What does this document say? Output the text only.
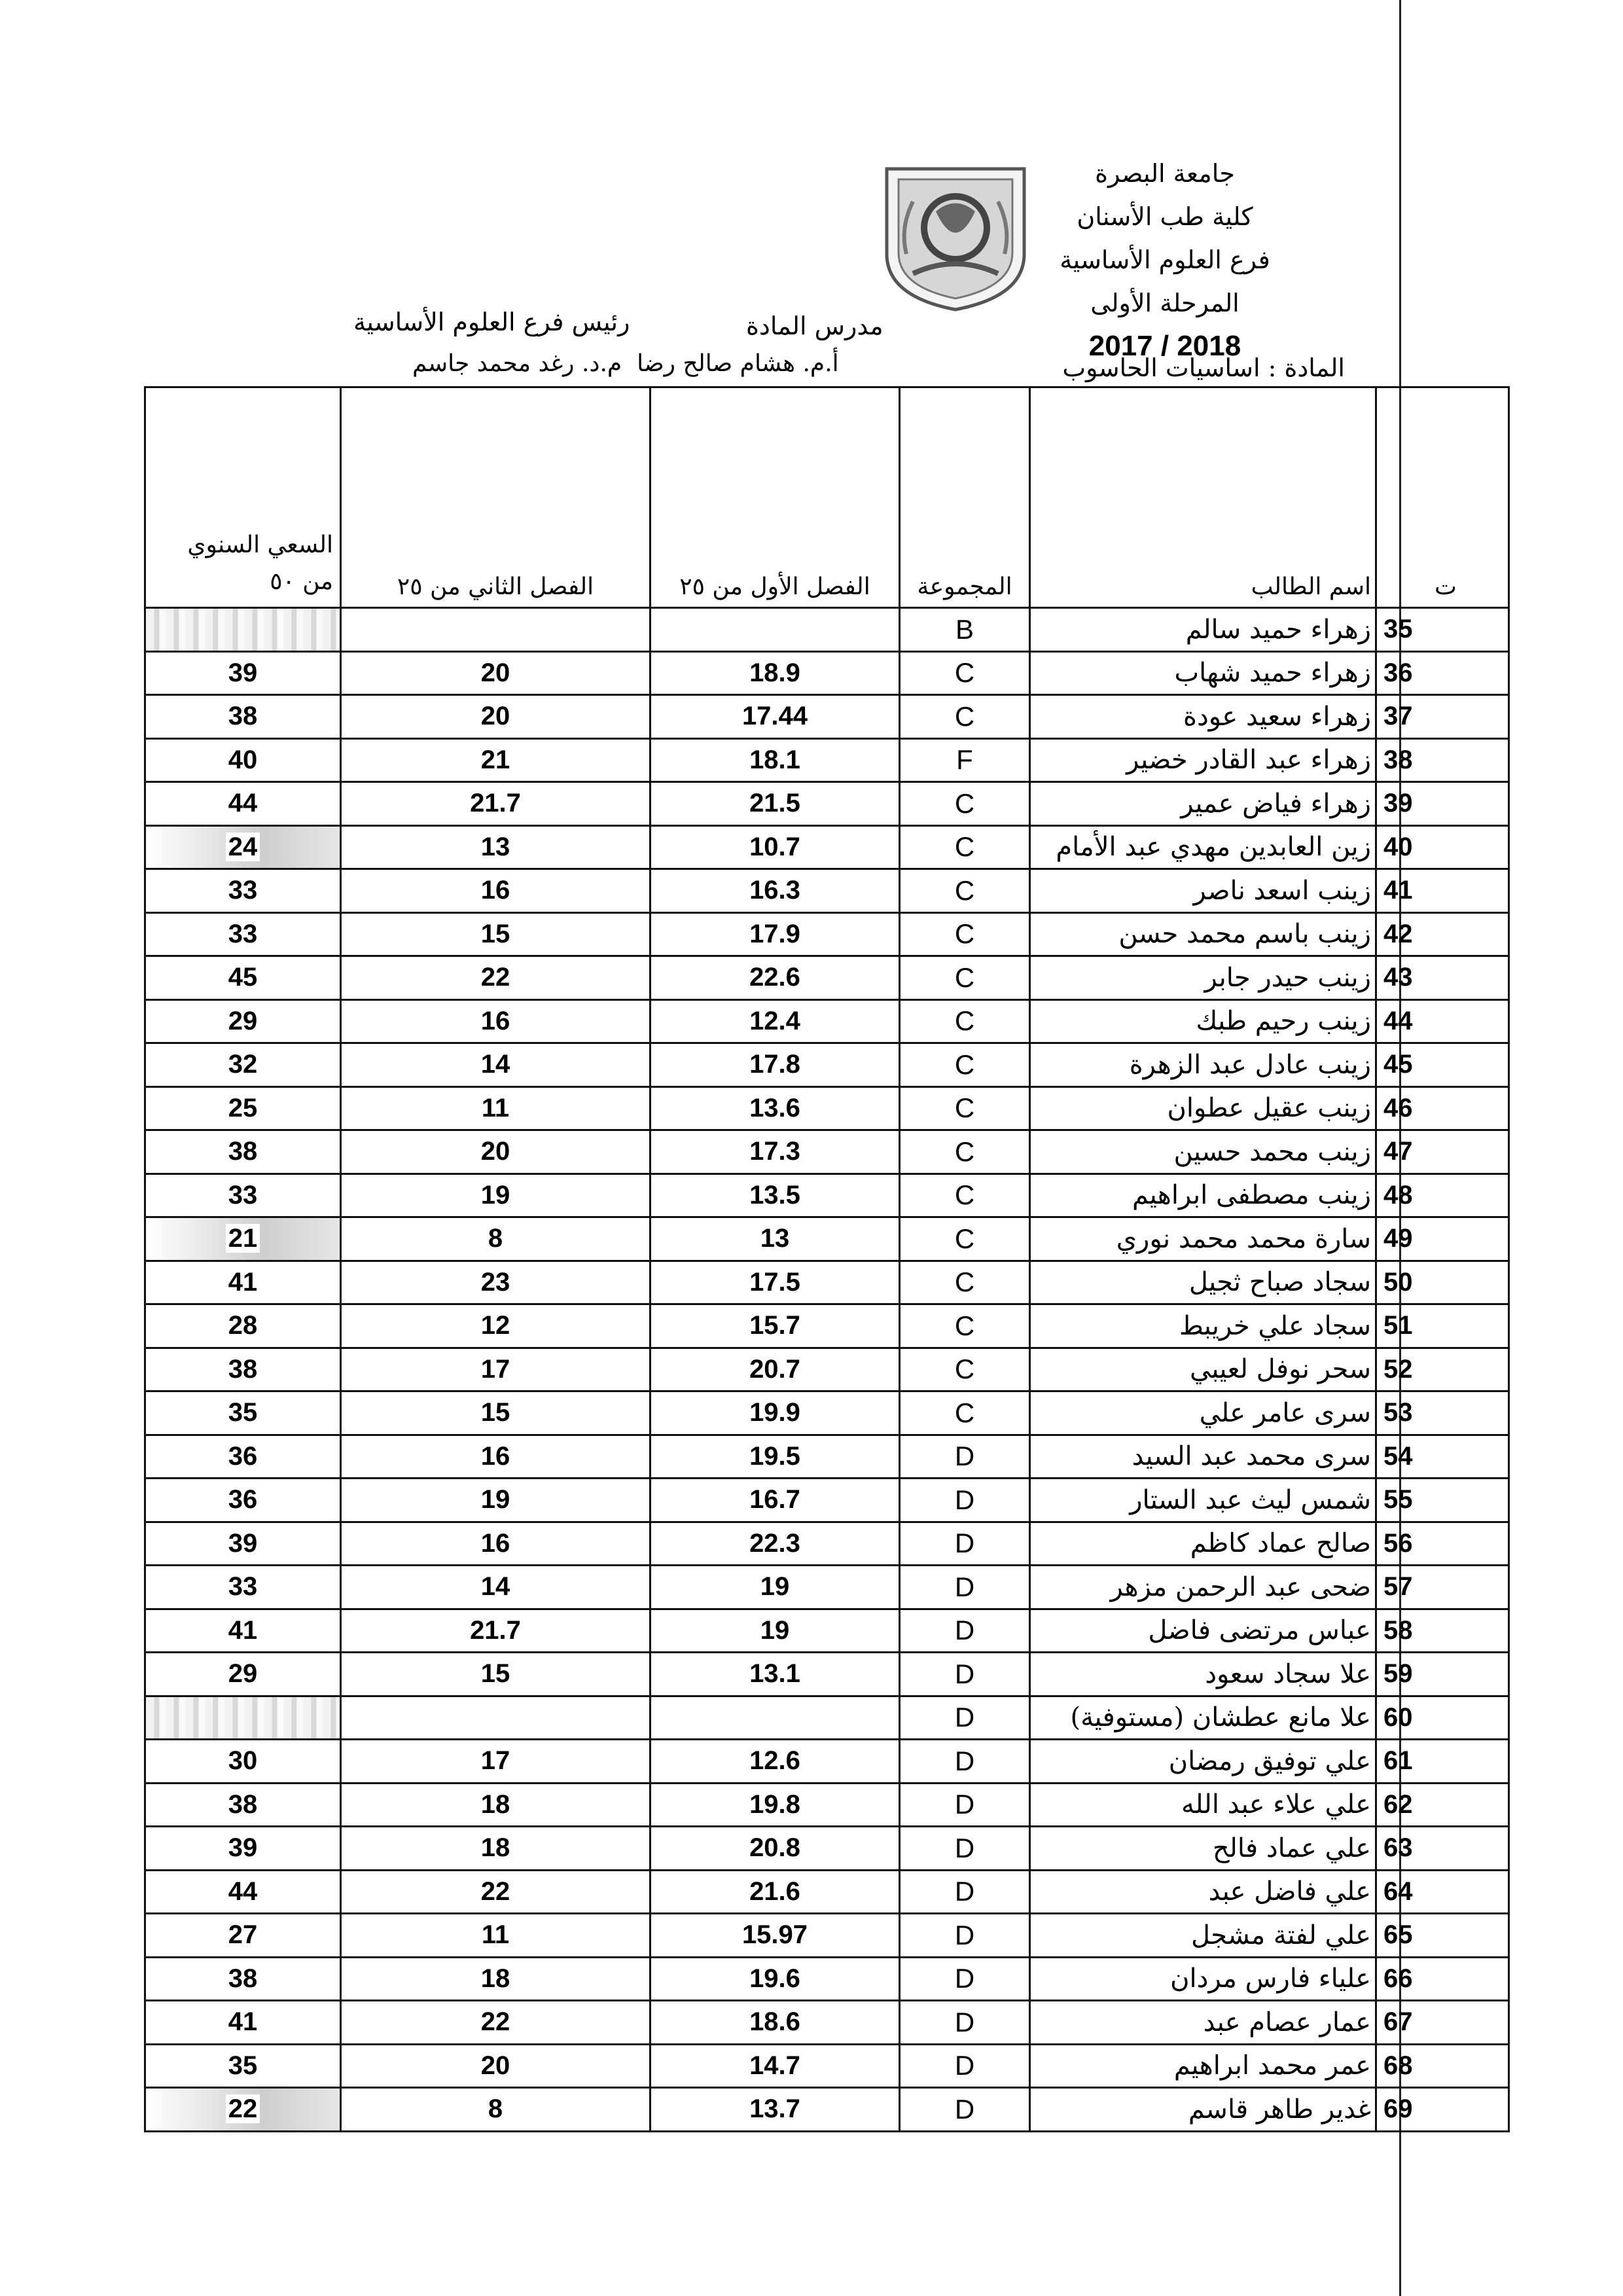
جامعة البصرة
كلية طب الأسنان
فرع العلوم الأساسية
المرحلة الأولى
2017 / 2018
المادة : اساسيات الحاسوب
مدرس المادة
رئيس فرع العلوم الأساسية
أ.م. هشام صالح رضا  م.د. رغد محمد جاسم
ت	اسم الطالب	المجموعة	الفصل الأول من ٢٥	الفصل الثاني من ٢٥	السعي السنوي
من ٥٠

35	زهراء حميد سالم	B			
36	زهراء حميد شهاب	C	18.9	20	39
37	زهراء سعيد عودة	C	17.44	20	38
38	زهراء عبد القادر خضير	F	18.1	21	40
39	زهراء فياض عمير	C	21.5	21.7	44
40	زين العابدين مهدي عبد الأمام	C	10.7	13	24
41	زينب اسعد ناصر	C	16.3	16	33
42	زينب باسم محمد حسن	C	17.9	15	33
43	زينب حيدر جابر	C	22.6	22	45
44	زينب رحيم طبك	C	12.4	16	29
45	زينب عادل عبد الزهرة	C	17.8	14	32
46	زينب عقيل عطوان	C	13.6	11	25
47	زينب محمد حسين	C	17.3	20	38
48	زينب مصطفى ابراهيم	C	13.5	19	33
49	سارة محمد محمد نوري	C	13	8	21
50	سجاد صباح ثجيل	C	17.5	23	41
51	سجاد علي خريبط	C	15.7	12	28
52	سحر نوفل لعيبي	C	20.7	17	38
53	سرى عامر علي	C	19.9	15	35
54	سرى محمد عبد السيد	D	19.5	16	36
55	شمس ليث عبد الستار	D	16.7	19	36
56	صالح عماد كاظم	D	22.3	16	39
57	ضحى عبد الرحمن مزهر	D	19	14	33
58	عباس مرتضى فاضل	D	19	21.7	41
59	علا سجاد سعود	D	13.1	15	29
60	علا مانع عطشان (مستوفية)	D			
61	علي توفيق رمضان	D	12.6	17	30
62	علي علاء عبد الله	D	19.8	18	38
63	علي عماد فالح	D	20.8	18	39
64	علي فاضل عبد	D	21.6	22	44
65	علي لفتة مشجل	D	15.97	11	27
66	علياء فارس مردان	D	19.6	18	38
67	عمار عصام عبد	D	18.6	22	41
68	عمر محمد ابراهيم	D	14.7	20	35
69	غدير طاهر قاسم	D	13.7	8	22
